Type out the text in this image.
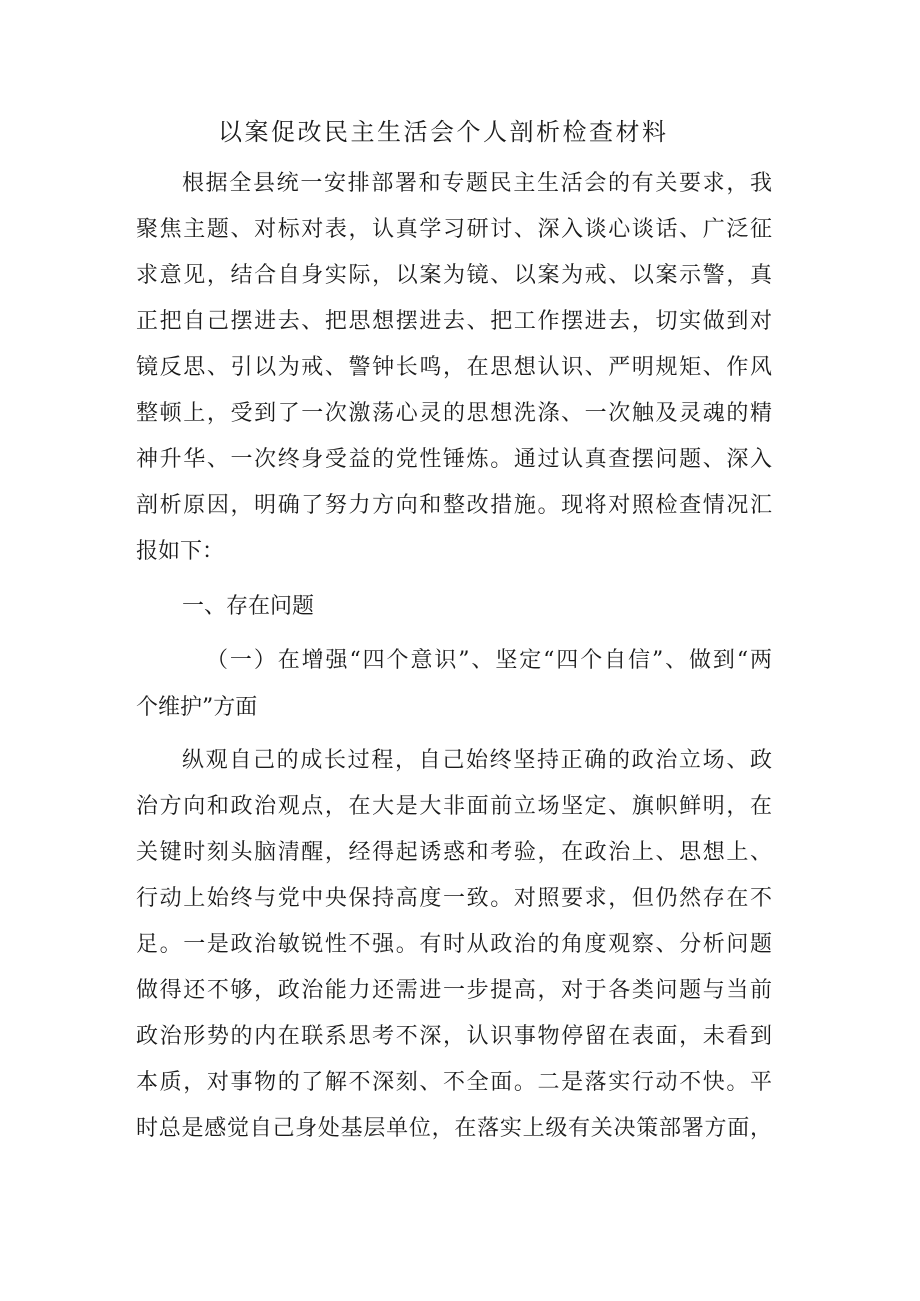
以案促改民主生活会个人剖析检查材料

根据全县统一安排部署和专题民主生活会的有关要求，我

聚焦主题、对标对表，认真学习研讨、深入谈心谈话、广泛征

求意见，结合自身实际，以案为镜、以案为戒、以案示警，真

正把自己摆进去、把思想摆进去、把工作摆进去，切实做到对

镜反思、引以为戒、警钟长鸣，在思想认识、严明规矩、作风

整顿上，受到了一次激荡心灵的思想洗涤、一次触及灵魂的精

神升华、一次终身受益的党性锤炼。通过认真查摆问题、深入

剖析原因，明确了努力方向和整改措施。现将对照检查情况汇

报如下：

一、存在问题

（一）在增强“四个意识”、坚定“四个自信”、做到“两

个维护”方面

纵观自己的成长过程，自己始终坚持正确的政治立场、政

治方向和政治观点，在大是大非面前立场坚定、旗帜鲜明，在

关键时刻头脑清醒，经得起诱惑和考验，在政治上、思想上、

行动上始终与党中央保持高度一致。对照要求，但仍然存在不

足。一是政治敏锐性不强。有时从政治的角度观察、分析问题

做得还不够，政治能力还需进一步提高，对于各类问题与当前

政治形势的内在联系思考不深，认识事物停留在表面，未看到

本质，对事物的了解不深刻、不全面。二是落实行动不快。平

时总是感觉自己身处基层单位，在落实上级有关决策部署方面，
